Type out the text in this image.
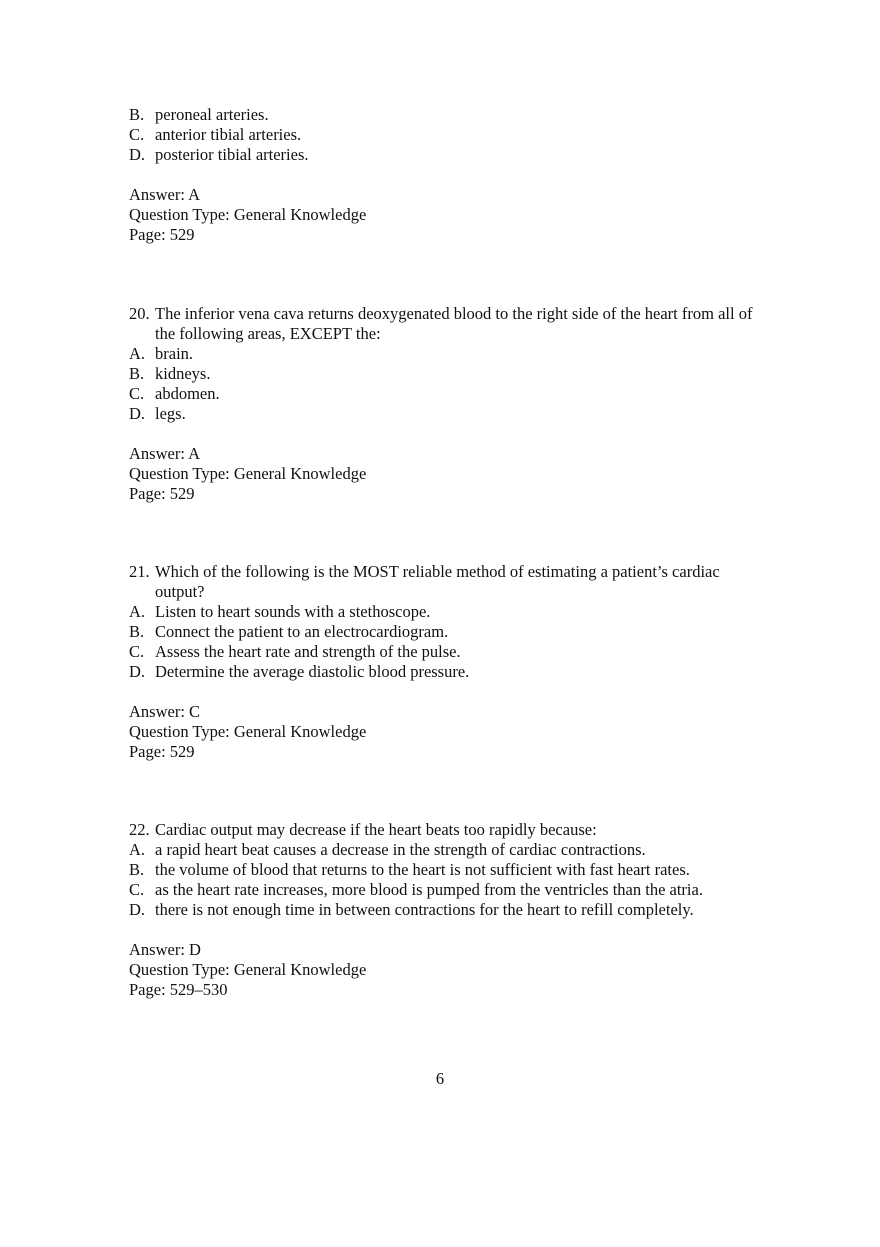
B. peroneal arteries.
C. anterior tibial arteries.
D. posterior tibial arteries.
Answer: A
Question Type: General Knowledge
Page: 529
20. The inferior vena cava returns deoxygenated blood to the right side of the heart from all of the following areas, EXCEPT the:
A. brain.
B. kidneys.
C. abdomen.
D. legs.
Answer: A
Question Type: General Knowledge
Page: 529
21. Which of the following is the MOST reliable method of estimating a patient’s cardiac output?
A. Listen to heart sounds with a stethoscope.
B. Connect the patient to an electrocardiogram.
C. Assess the heart rate and strength of the pulse.
D. Determine the average diastolic blood pressure.
Answer: C
Question Type: General Knowledge
Page: 529
22. Cardiac output may decrease if the heart beats too rapidly because:
A. a rapid heart beat causes a decrease in the strength of cardiac contractions.
B. the volume of blood that returns to the heart is not sufficient with fast heart rates.
C. as the heart rate increases, more blood is pumped from the ventricles than the atria.
D. there is not enough time in between contractions for the heart to refill completely.
Answer: D
Question Type: General Knowledge
Page: 529–530
6
